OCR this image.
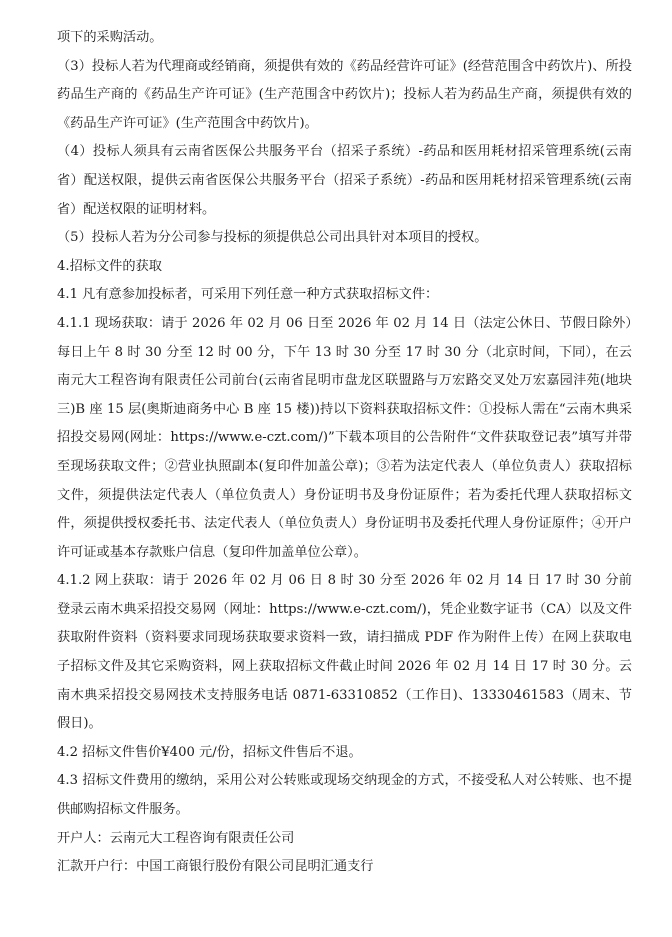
项下的采购活动。

（3）投标人若为代理商或经销商，须提供有效的《药品经营许可证》(经营范围含中药饮片)、所投药品生产商的《药品生产许可证》(生产范围含中药饮片)；投标人若为药品生产商，须提供有效的《药品生产许可证》(生产范围含中药饮片)。

（4）投标人须具有云南省医保公共服务平台（招采子系统）-药品和医用耗材招采管理系统(云南省）配送权限，提供云南省医保公共服务平台（招采子系统）-药品和医用耗材招采管理系统(云南省）配送权限的证明材料。

（5）投标人若为分公司参与投标的须提供总公司出具针对本项目的授权。

4.招标文件的获取

4.1 凡有意参加投标者，可采用下列任意一种方式获取招标文件：

4.1.1 现场获取：请于 2026 年 02 月 06 日至 2026 年 02 月 14 日（法定公休日、节假日除外）每日上午 8 时 30 分至 12 时 00 分，下午 13 时 30 分至 17 时 30 分（北京时间，下同），在云南元大工程咨询有限责任公司前台(云南省昆明市盘龙区联盟路与万宏路交叉处万宏嘉园沣苑(地块三)B 座 15 层(奥斯迪商务中心 B 座 15 楼))持以下资料获取招标文件：①投标人需在“云南木典采招投交易网(网址：https://www.e-czt.com/)”下载本项目的公告附件“文件获取登记表”填写并带至现场获取文件；②营业执照副本(复印件加盖公章)；③若为法定代表人（单位负责人）获取招标文件，须提供法定代表人（单位负责人）身份证明书及身份证原件；若为委托代理人获取招标文件，须提供授权委托书、法定代表人（单位负责人）身份证明书及委托代理人身份证原件；④开户许可证或基本存款账户信息（复印件加盖单位公章）。

4.1.2 网上获取：请于 2026 年 02 月 06 日 8 时 30 分至 2026 年 02 月 14 日 17 时 30 分前登录云南木典采招投交易网（网址：https://www.e-czt.com/)，凭企业数字证书（CA）以及文件获取附件资料（资料要求同现场获取要求资料一致，请扫描成 PDF 作为附件上传）在网上获取电子招标文件及其它采购资料，网上获取招标文件截止时间 2026 年 02 月 14 日 17 时 30 分。云南木典采招投交易网技术支持服务电话 0871-63310852（工作日)、13330461583（周末、节假日)。

4.2 招标文件售价¥400 元/份，招标文件售后不退。

4.3 招标文件费用的缴纳，采用公对公转账或现场交纳现金的方式，不接受私人对公转账、也不提供邮购招标文件服务。

开户人：云南元大工程咨询有限责任公司

汇款开户行：中国工商银行股份有限公司昆明汇通支行
